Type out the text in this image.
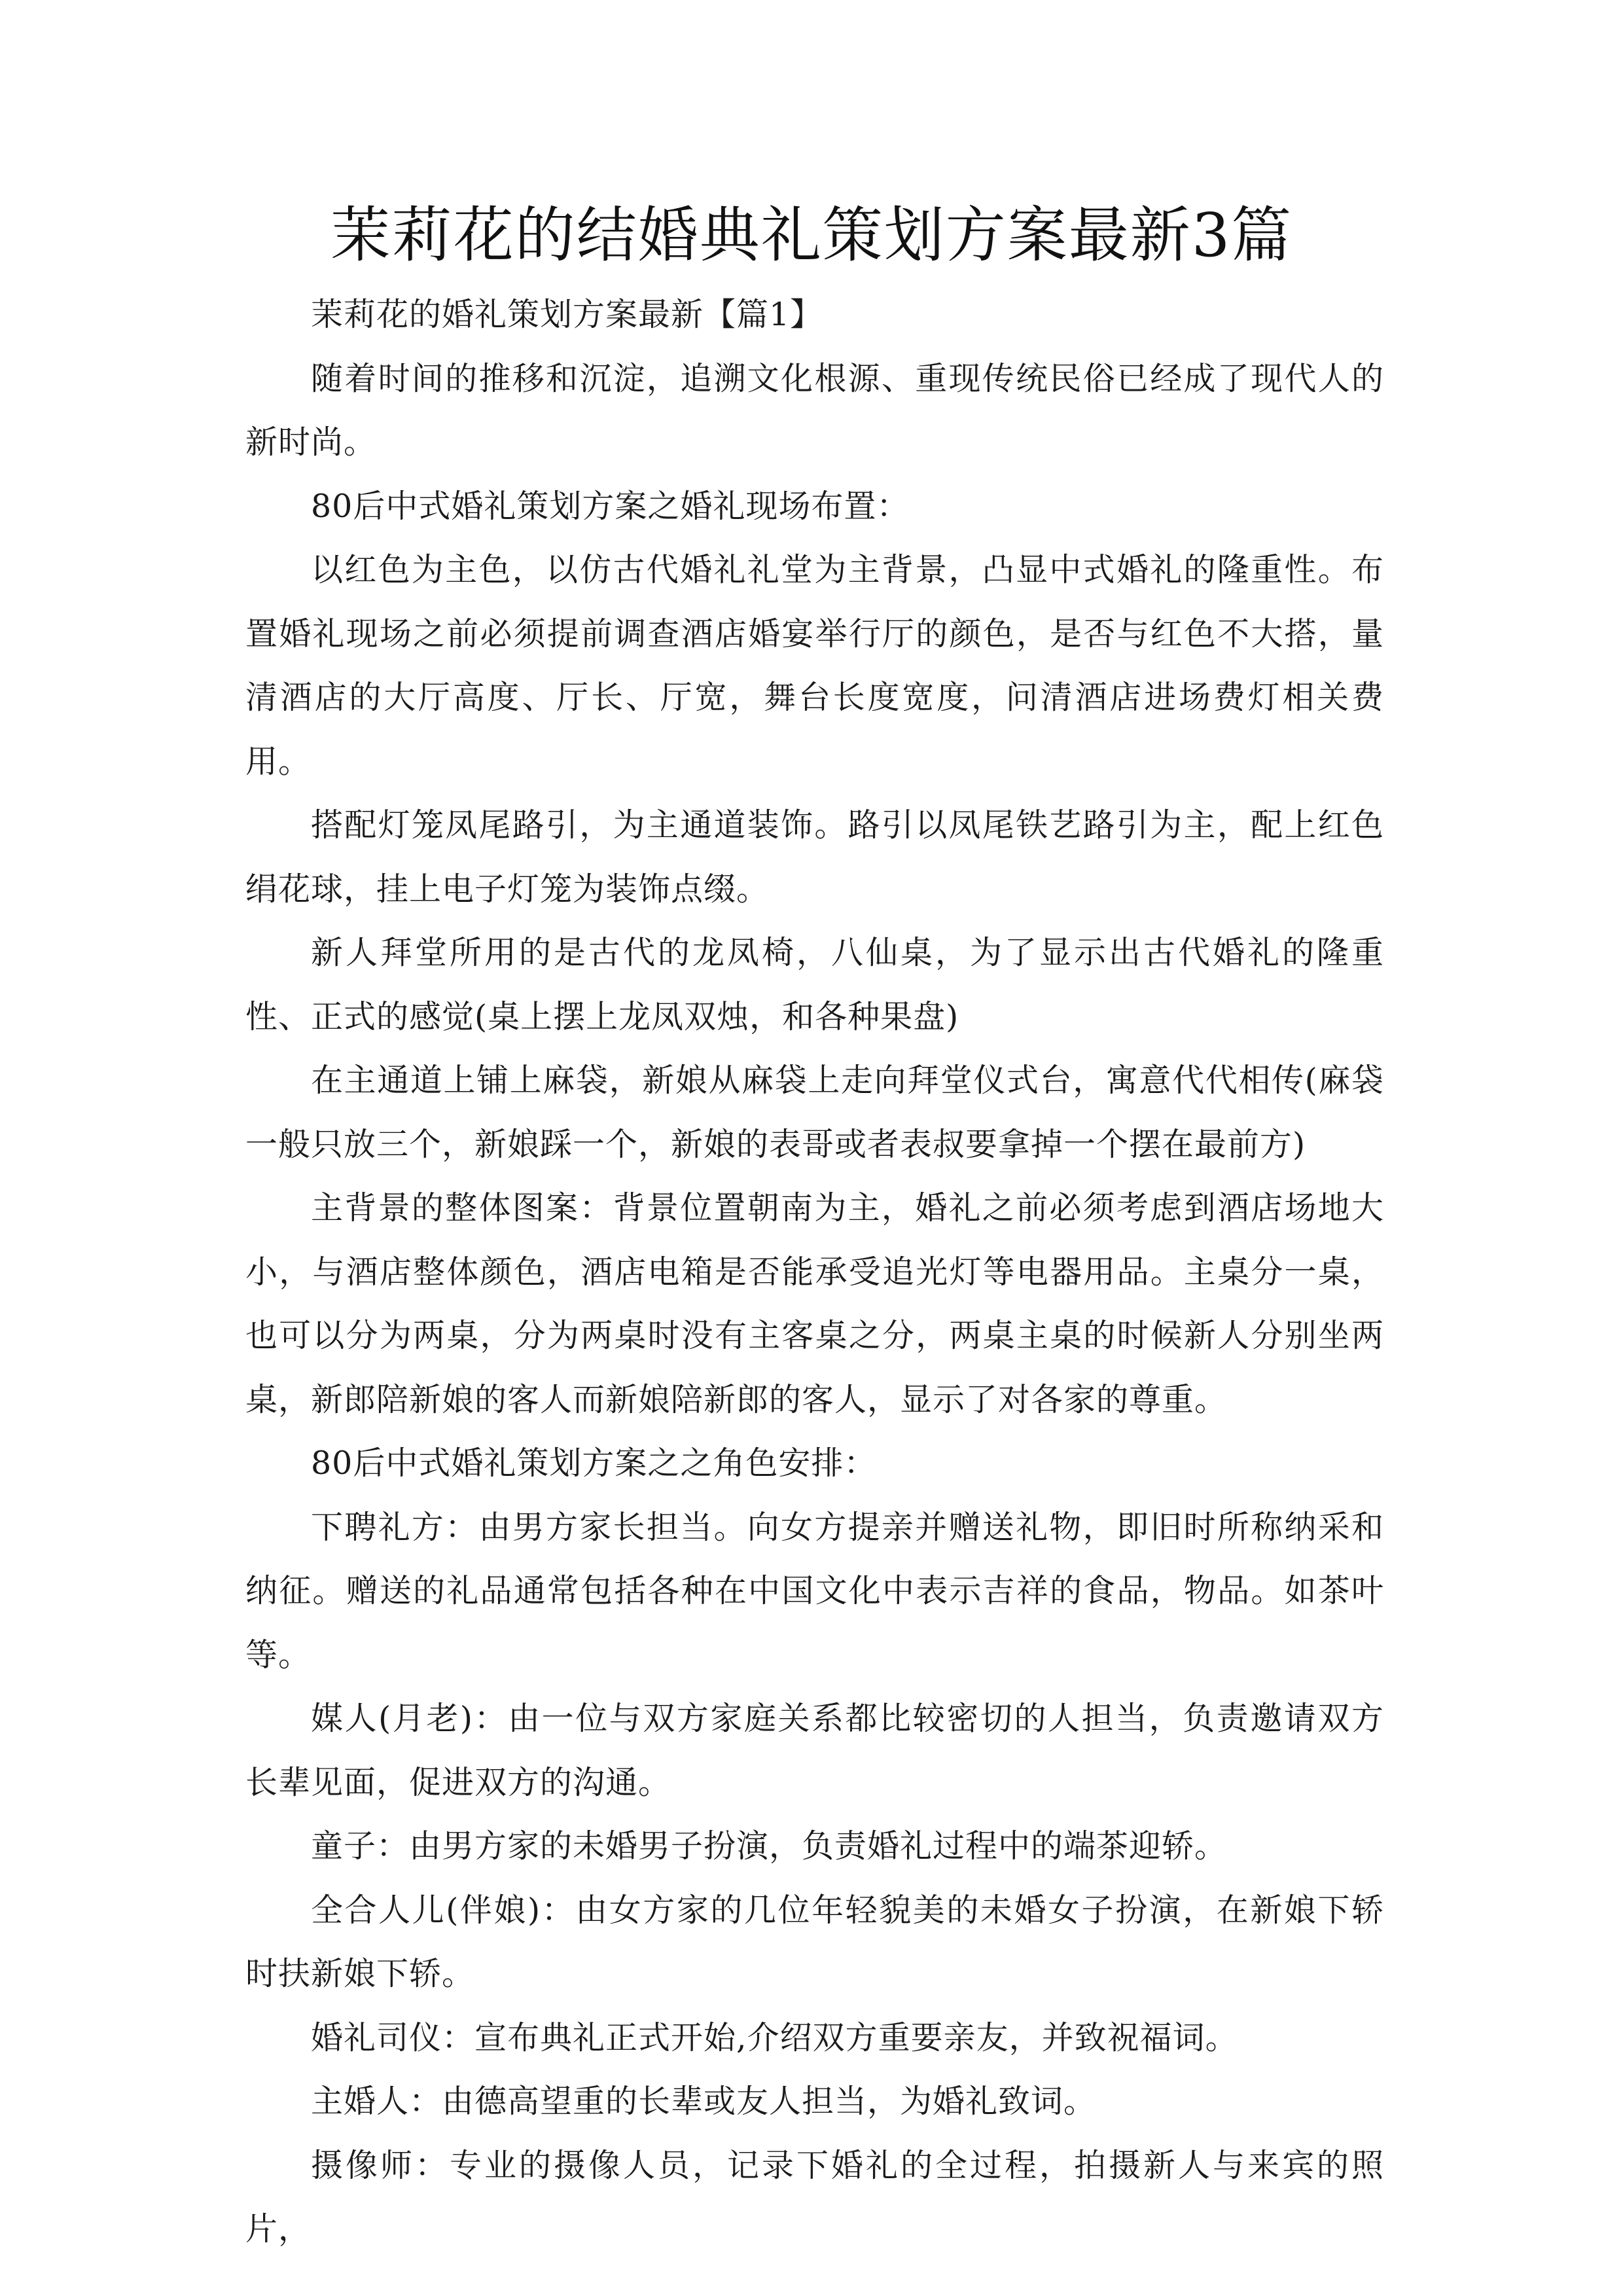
茉莉花的结婚典礼策划方案最新3篇

茉莉花的婚礼策划方案最新【篇1】

随着时间的推移和沉淀，追溯文化根源、重现传统民俗已经成了现代人的新时尚。

80后中式婚礼策划方案之婚礼现场布置：

以红色为主色，以仿古代婚礼礼堂为主背景，凸显中式婚礼的隆重性。布置婚礼现场之前必须提前调查酒店婚宴举行厅的颜色，是否与红色不大搭，量清酒店的大厅高度、厅长、厅宽，舞台长度宽度，问清酒店进场费灯相关费用。

搭配灯笼凤尾路引，为主通道装饰。路引以凤尾铁艺路引为主，配上红色绢花球，挂上电子灯笼为装饰点缀。

新人拜堂所用的是古代的龙凤椅，八仙桌，为了显示出古代婚礼的隆重性、正式的感觉(桌上摆上龙凤双烛，和各种果盘)

在主通道上铺上麻袋，新娘从麻袋上走向拜堂仪式台，寓意代代相传(麻袋一般只放三个，新娘踩一个，新娘的表哥或者表叔要拿掉一个摆在最前方)

主背景的整体图案：背景位置朝南为主，婚礼之前必须考虑到酒店场地大小，与酒店整体颜色，酒店电箱是否能承受追光灯等电器用品。主桌分一桌，也可以分为两桌，分为两桌时没有主客桌之分，两桌主桌的时候新人分别坐两桌，新郎陪新娘的客人而新娘陪新郎的客人，显示了对各家的尊重。

80后中式婚礼策划方案之之角色安排：

下聘礼方：由男方家长担当。向女方提亲并赠送礼物，即旧时所称纳采和纳征。赠送的礼品通常包括各种在中国文化中表示吉祥的食品，物品。如茶叶等。

媒人(月老)：由一位与双方家庭关系都比较密切的人担当，负责邀请双方长辈见面，促进双方的沟通。

童子：由男方家的未婚男子扮演，负责婚礼过程中的端茶迎轿。

全合人儿(伴娘)：由女方家的几位年轻貌美的未婚女子扮演，在新娘下轿时扶新娘下轿。

婚礼司仪：宣布典礼正式开始,介绍双方重要亲友，并致祝福词。

主婚人：由德高望重的长辈或友人担当，为婚礼致词。

摄像师：专业的摄像人员，记录下婚礼的全过程，拍摄新人与来宾的照片，
